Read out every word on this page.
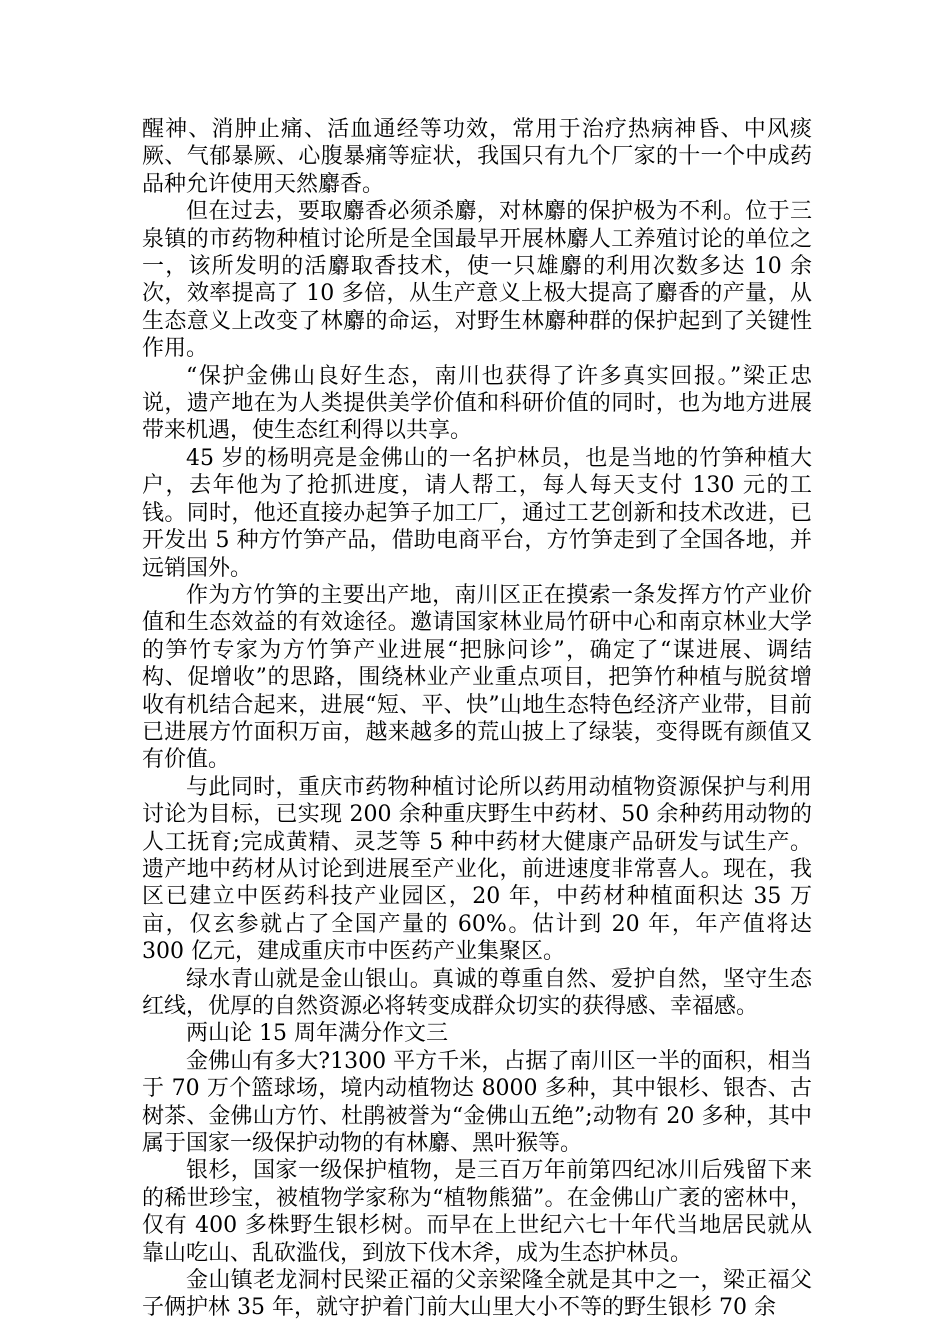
醒神、消肿止痛、活血通经等功效，常用于治疗热病神昏、中风痰厥、气郁暴厥、心腹暴痛等症状，我国只有九个厂家的十一个中成药品种允许使用天然麝香。

但在过去，要取麝香必须杀麝，对林麝的保护极为不利。位于三泉镇的市药物种植讨论所是全国最早开展林麝人工养殖讨论的单位之一，该所发明的活麝取香技术，使一只雄麝的利用次数多达 10 余次，效率提高了 10 多倍，从生产意义上极大提高了麝香的产量，从生态意义上改变了林麝的命运，对野生林麝种群的保护起到了关键性作用。

“保护金佛山良好生态，南川也获得了许多真实回报。”梁正忠说，遗产地在为人类提供美学价值和科研价值的同时，也为地方进展带来机遇，使生态红利得以共享。

45 岁的杨明亮是金佛山的一名护林员，也是当地的竹笋种植大户，去年他为了抢抓进度，请人帮工，每人每天支付 130 元的工钱。同时，他还直接办起笋子加工厂，通过工艺创新和技术改进，已开发出 5 种方竹笋产品，借助电商平台，方竹笋走到了全国各地，并远销国外。

作为方竹笋的主要出产地，南川区正在摸索一条发挥方竹产业价值和生态效益的有效途径。邀请国家林业局竹研中心和南京林业大学的笋竹专家为方竹笋产业进展“把脉问诊”，确定了“谋进展、调结构、促增收”的思路，围绕林业产业重点项目，把笋竹种植与脱贫增收有机结合起来，进展“短、平、快”山地生态特色经济产业带，目前已进展方竹面积万亩，越来越多的荒山披上了绿装，变得既有颜值又有价值。

与此同时，重庆市药物种植讨论所以药用动植物资源保护与利用讨论为目标，已实现 200 余种重庆野生中药材、50 余种药用动物的人工抚育;完成黄精、灵芝等 5 种中药材大健康产品研发与试生产。遗产地中药材从讨论到进展至产业化，前进速度非常喜人。现在，我区已建立中医药科技产业园区，20 年，中药材种植面积达 35 万亩，仅玄参就占了全国产量的 60%。估计到 20 年，年产值将达 300 亿元，建成重庆市中医药产业集聚区。

绿水青山就是金山银山。真诚的尊重自然、爱护自然，坚守生态红线，优厚的自然资源必将转变成群众切实的获得感、幸福感。

两山论 15 周年满分作文三

金佛山有多大?1300 平方千米，占据了南川区一半的面积，相当于 70 万个篮球场，境内动植物达 8000 多种，其中银杉、银杏、古树茶、金佛山方竹、杜鹃被誉为“金佛山五绝”;动物有 20 多种，其中属于国家一级保护动物的有林麝、黑叶猴等。

银杉，国家一级保护植物，是三百万年前第四纪冰川后残留下来的稀世珍宝，被植物学家称为“植物熊猫”。在金佛山广袤的密林中，仅有 400 多株野生银杉树。而早在上世纪六七十年代当地居民就从靠山吃山、乱砍滥伐，到放下伐木斧，成为生态护林员。

金山镇老龙洞村民梁正福的父亲梁隆全就是其中之一，梁正福父子俩护林 35 年，就守护着门前大山里大小不等的野生银杉 70 余
